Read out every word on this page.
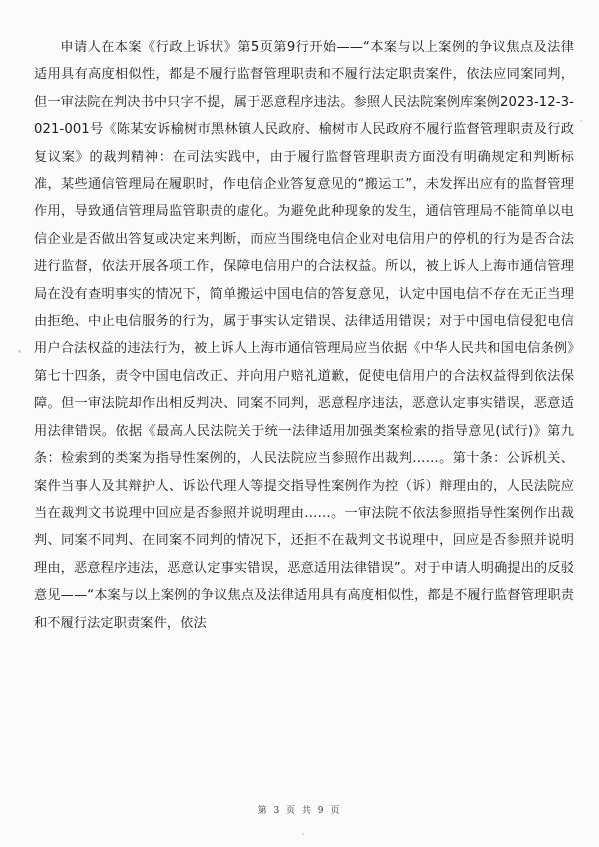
申请人在本案《行政上诉状》第5页第9行开始——“本案与以上案例的争议焦点及法律适用具有高度相似性，都是不履行监督管理职责和不履行法定职责案件，依法应同案同判，但一审法院在判决书中只字不提，属于恶意程序违法。参照人民法院案例库案例2023-12-3-021-001号《陈某安诉榆树市黑林镇人民政府、榆树市人民政府不履行监督管理职责及行政复议案》的裁判精神：在司法实践中，由于履行监督管理职责方面没有明确规定和判断标准，某些通信管理局在履职时，作电信企业答复意见的“搬运工”，未发挥出应有的监督管理作用，导致通信管理局监管职责的虚化。为避免此种现象的发生，通信管理局不能简单以电信企业是否做出答复或决定来判断，而应当围绕电信企业对电信用户的停机的行为是否合法进行监督，依法开展各项工作，保障电信用户的合法权益。所以，被上诉人上海市通信管理局在没有查明事实的情况下，简单搬运中国电信的答复意见，认定中国电信不存在无正当理由拒绝、中止电信服务的行为，属于事实认定错误、法律适用错误；对于中国电信侵犯电信用户合法权益的违法行为，被上诉人上海市通信管理局应当依据《中华人民共和国电信条例》第七十四条，责令中国电信改正、并向用户赔礼道歉，促使电信用户的合法权益得到依法保障。但一审法院却作出相反判决、同案不同判，恶意程序违法，恶意认定事实错误，恶意适用法律错误。依据《最高人民法院关于统一法律适用加强类案检索的指导意见(试行)》第九条：检索到的类案为指导性案例的，人民法院应当参照作出裁判……。第十条：公诉机关、案件当事人及其辩护人、诉讼代理人等提交指导性案例作为控（诉）辩理由的，人民法院应当在裁判文书说理中回应是否参照并说明理由……。一审法院不依法参照指导性案例作出裁判、同案不同判、在同案不同判的情况下，还拒不在裁判文书说理中，回应是否参照并说明理由，恶意程序违法，恶意认定事实错误，恶意适用法律错误”。对于申请人明确提出的反驳意见——“本案与以上案例的争议焦点及法律适用具有高度相似性，都是不履行监督管理职责和不履行法定职责案件，依法

第 3 页 共 9 页
